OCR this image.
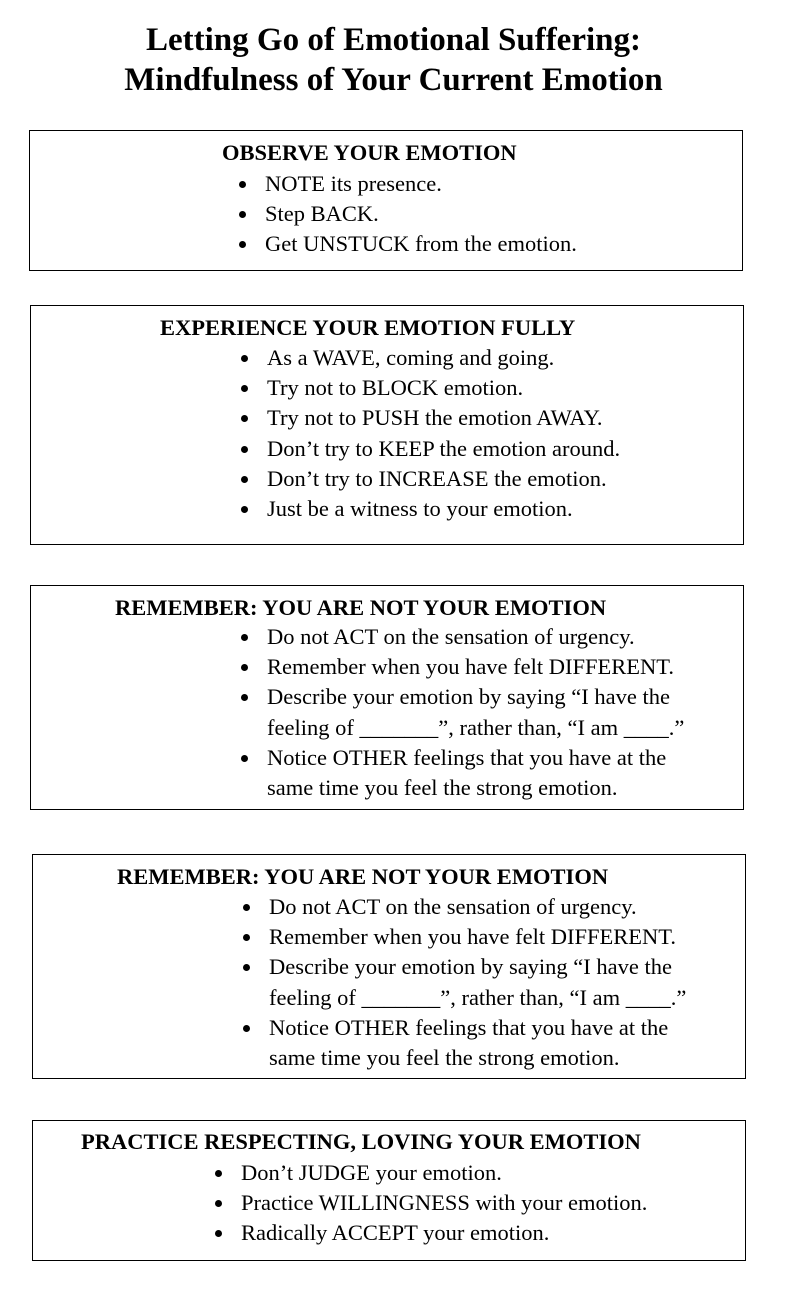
Letting Go of Emotional Suffering:
Mindfulness of Your Current Emotion
OBSERVE YOUR EMOTION
NOTE its presence.
Step BACK.
Get UNSTUCK from the emotion.
EXPERIENCE YOUR EMOTION FULLY
As a WAVE, coming and going.
Try not to BLOCK emotion.
Try not to PUSH the emotion AWAY.
Don’t try to KEEP the emotion around.
Don’t try to INCREASE the emotion.
Just be a witness to your emotion.
REMEMBER: YOU ARE NOT YOUR EMOTION
Do not ACT on the sensation of urgency.
Remember when you have felt DIFFERENT.
Describe your emotion by saying “I have the
feeling of _______”, rather than, “I am ____.”
Notice OTHER feelings that you have at the
same time you feel the strong emotion.
REMEMBER: YOU ARE NOT YOUR EMOTION
Do not ACT on the sensation of urgency.
Remember when you have felt DIFFERENT.
Describe your emotion by saying “I have the
feeling of _______”, rather than, “I am ____.”
Notice OTHER feelings that you have at the
same time you feel the strong emotion.
PRACTICE RESPECTING, LOVING YOUR EMOTION
Don’t JUDGE your emotion.
Practice WILLINGNESS with your emotion.
Radically ACCEPT your emotion.
